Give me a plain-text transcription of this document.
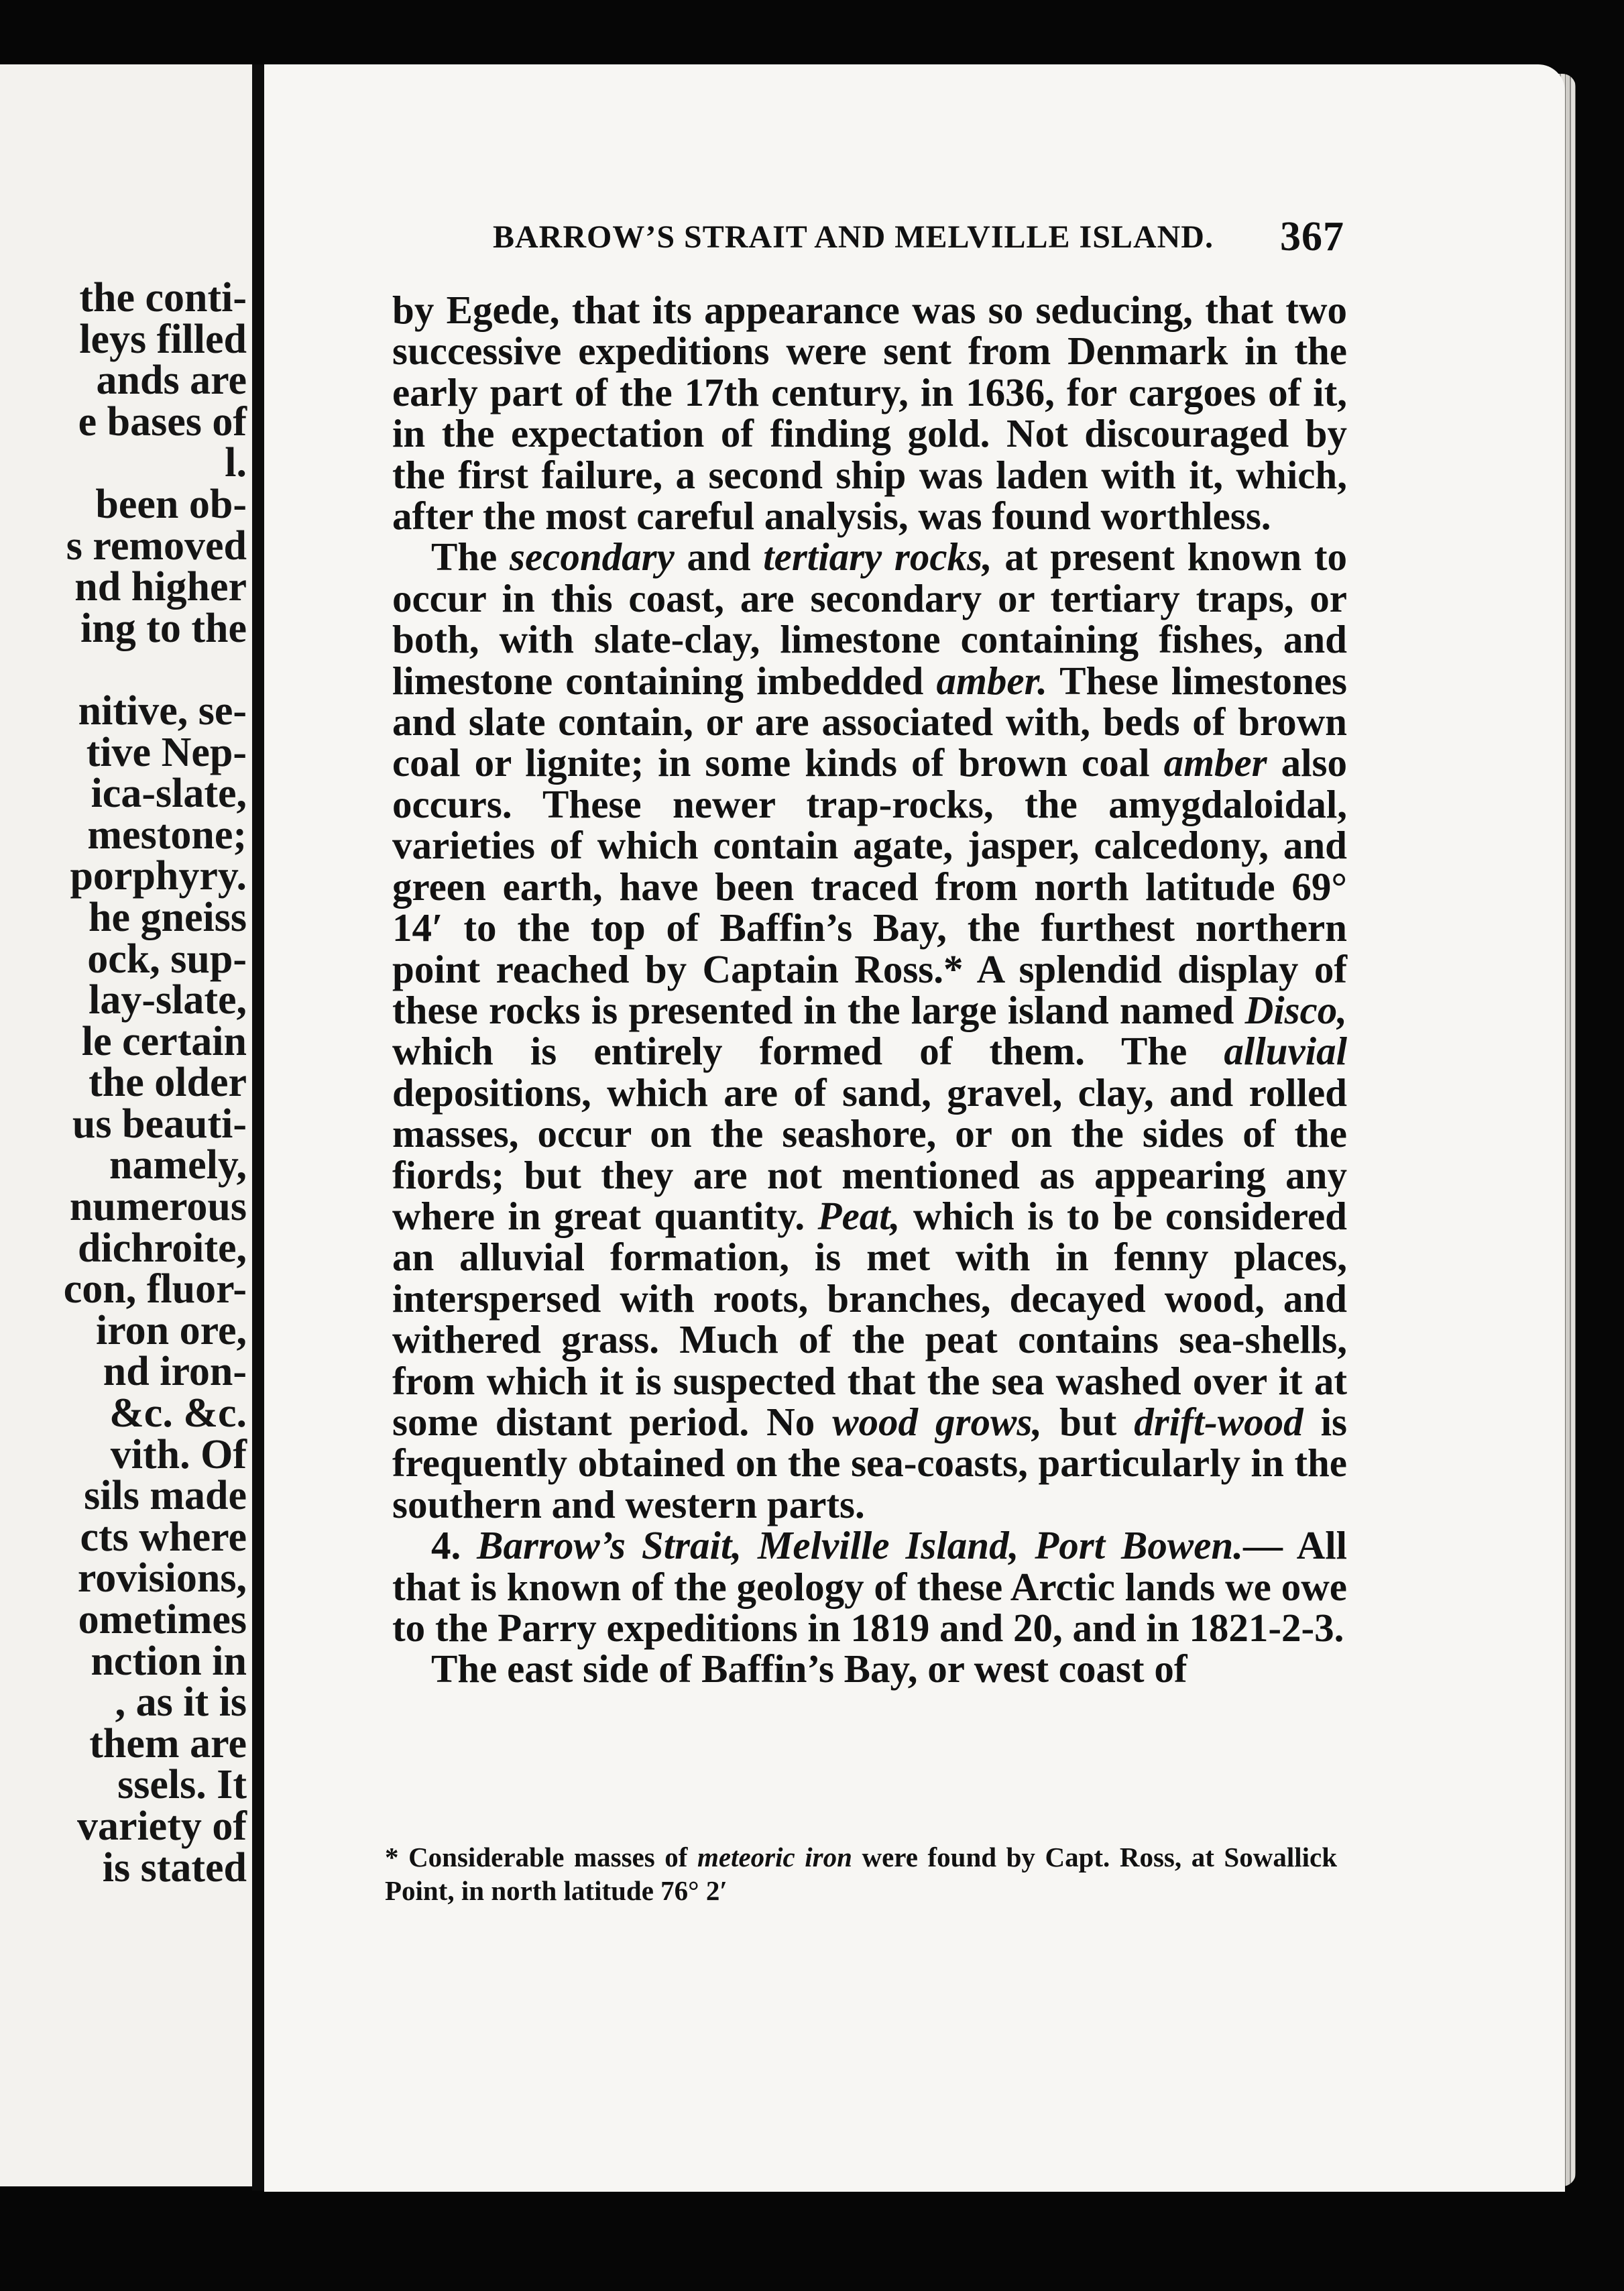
the conti-
leys filled
ands are
e bases of
l.
been ob-
s removed
nd higher
ing to the

nitive, se-
tive Nep-
ica-slate,
mestone;
porphyry.
he gneiss
ock, sup-
lay-slate,
le certain
the older
us beauti-
namely,
numerous
dichroite,
con, fluor-
iron ore,
nd iron-
&c. &c.
vith. Of
sils made
cts where
rovisions,
ometimes
nction in
, as it is
them are
ssels. It
variety of
is stated
BARROW’S STRAIT AND MELVILLE ISLAND. 367

by Egede, that its appearance was so seducing, that two successive expeditions were sent from Denmark in the early part of the 17th century, in 1636, for cargoes of it, in the expectation of finding gold. Not discouraged by the first failure, a second ship was laden with it, which, after the most careful analysis, was found worthless.

The secondary and tertiary rocks, at present known to occur in this coast, are secondary or tertiary traps, or both, with slate-clay, limestone containing fishes, and limestone containing imbedded amber. These limestones and slate contain, or are associated with, beds of brown coal or lignite; in some kinds of brown coal amber also occurs. These newer trap-rocks, the amygdaloidal, varieties of which contain agate, jasper, calcedony, and green earth, have been traced from north latitude 69° 14′ to the top of Baffin’s Bay, the furthest northern point reached by Captain Ross.* A splendid display of these rocks is presented in the large island named Disco, which is entirely formed of them. The alluvial depositions, which are of sand, gravel, clay, and rolled masses, occur on the seashore, or on the sides of the fiords; but they are not mentioned as appearing any where in great quantity. Peat, which is to be considered an alluvial formation, is met with in fenny places, interspersed with roots, branches, decayed wood, and withered grass. Much of the peat contains sea-shells, from which it is suspected that the sea washed over it at some distant period. No wood grows, but drift-wood is frequently obtained on the sea-coasts, particularly in the southern and western parts.

4. Barrow’s Strait, Melville Island, Port Bowen.— All that is known of the geology of these Arctic lands we owe to the Parry expeditions in 1819 and 20, and in 1821-2-3.

The east side of Baffin’s Bay, or west coast of

* Considerable masses of meteoric iron were found by Capt. Ross, at Sowallick Point, in north latitude 76° 2′
